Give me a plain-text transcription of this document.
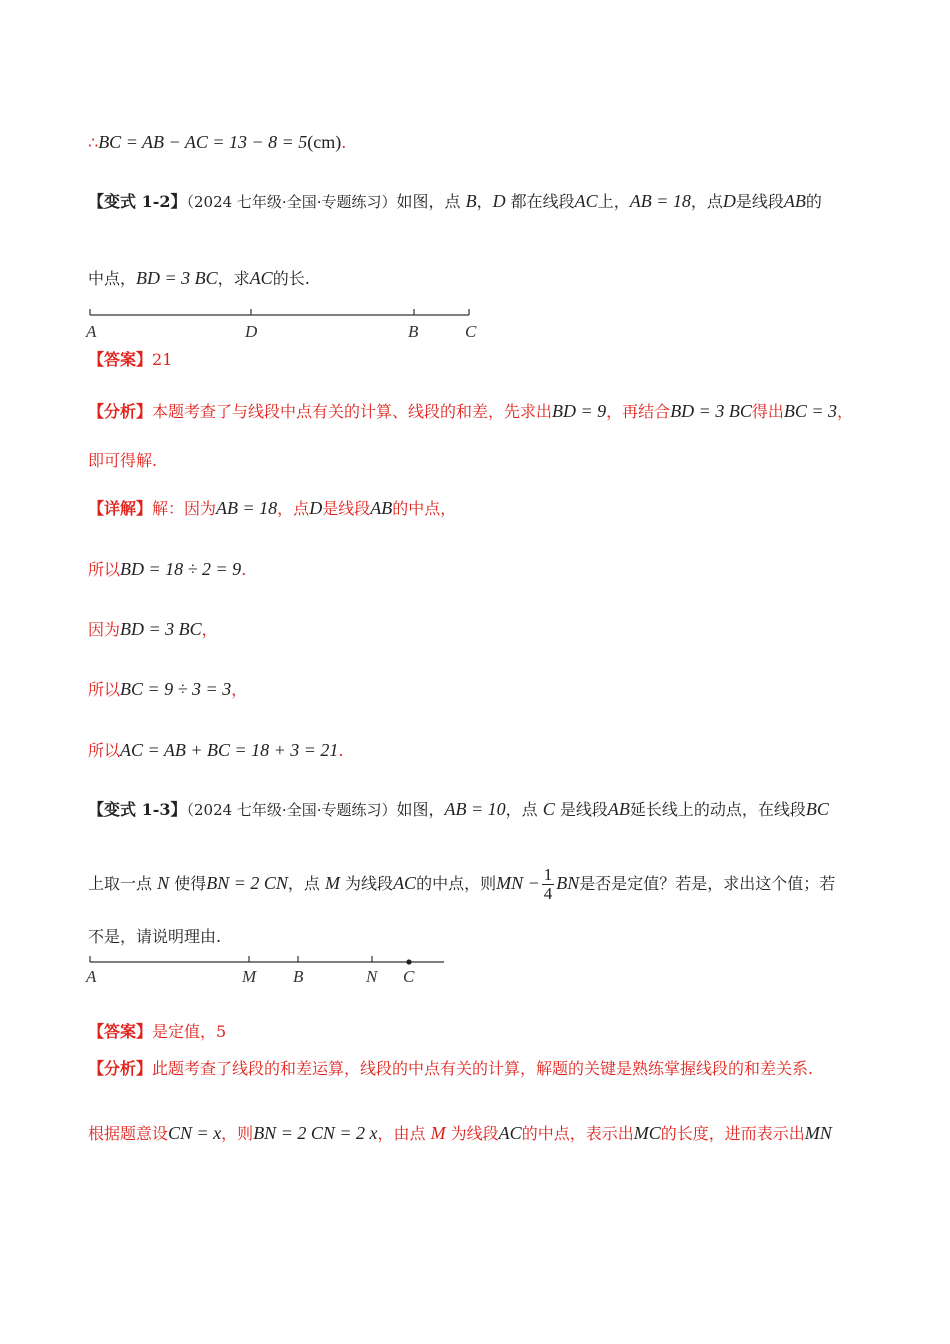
∴BC = AB − AC = 13 − 8 = 5(cm).
【变式 1-2】（2024 七年级·全国·专题练习）如图，点 B，D 都在线段AC上，AB = 18，点D是线段AB的
中点，BD = 3 BC，求AC的长.
A	D	B	C
【答案】21
【分析】本题考查了与线段中点有关的计算、线段的和差，先求出BD = 9，再结合BD = 3 BC得出BC = 3，
即可得解.
【详解】解：因为AB = 18，点D是线段AB的中点，
所以BD = 18 ÷ 2 = 9.
因为BD = 3 BC，
所以BC = 9 ÷ 3 = 3，
所以AC = AB + BC = 18 + 3 = 21.
【变式 1-3】（2024 七年级·全国·专题练习）如图，AB = 10，点 C 是线段AB延长线上的动点，在线段BC
上取一点 N 使得BN = 2 CN，点 M 为线段AC的中点，则MN − $\frac{1}{4}$ BN是否是定值？若是，求出这个值；若
不是，请说明理由.
A	M B	N C
【答案】是定值，5
【分析】此题考查了线段的和差运算，线段的中点有关的计算，解题的关键是熟练掌握线段的和差关系.
根据题意设CN = x，则BN = 2 CN = 2 x，由点 M 为线段AC的中点，表示出MC的长度，进而表示出MN
